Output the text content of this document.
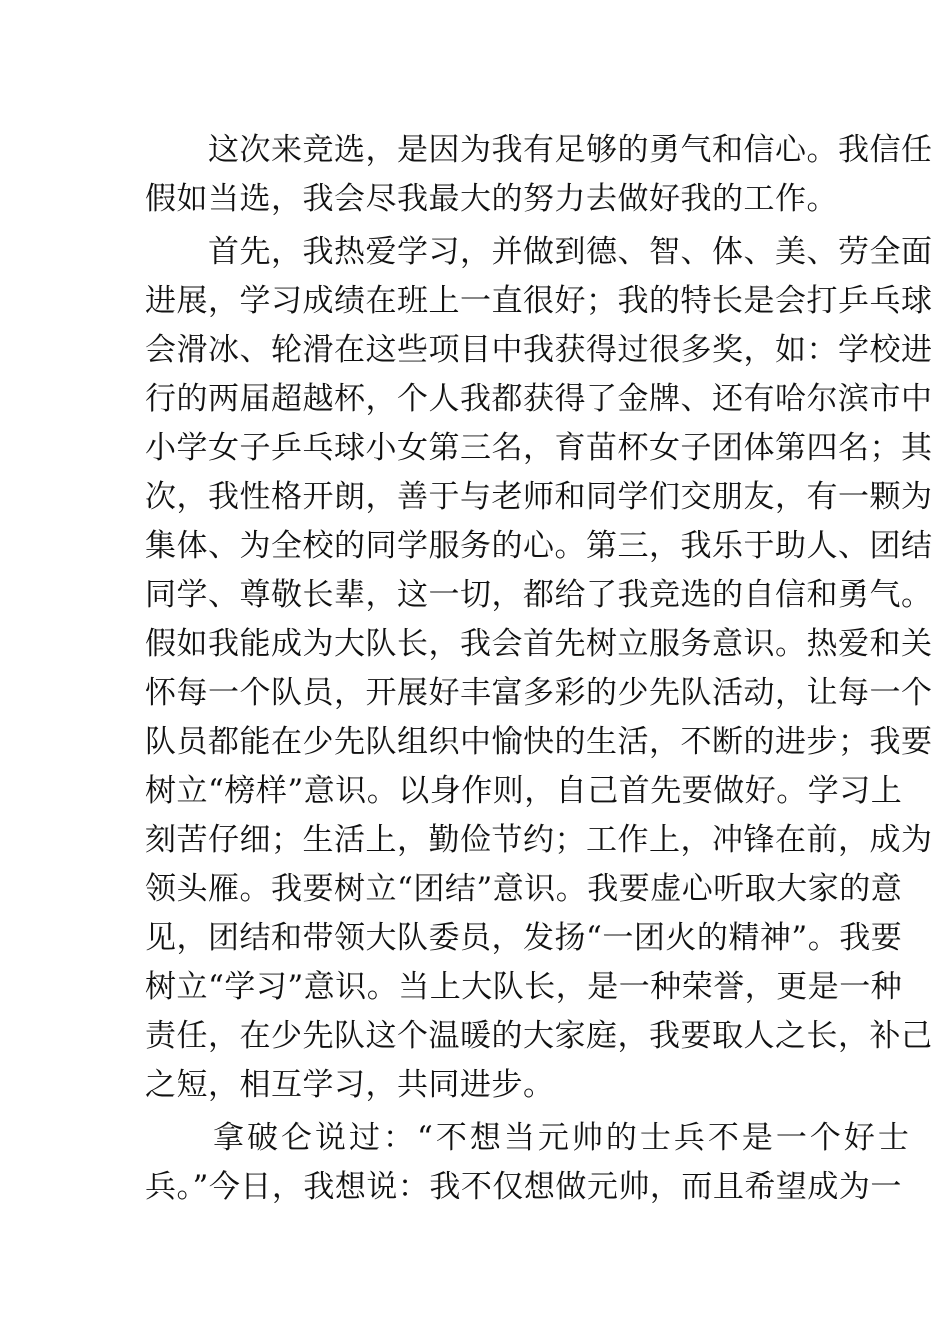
　　这次来竞选，是因为我有足够的勇气和信心。我信任
假如当选，我会尽我最大的努力去做好我的工作。
　　首先，我热爱学习，并做到德、智、体、美、劳全面
进展，学习成绩在班上一直很好；我的特长是会打乒乓球
会滑冰、轮滑在这些项目中我获得过很多奖，如：学校进
行的两届超越杯，个人我都获得了金牌、还有哈尔滨市中
小学女子乒乓球小女第三名，育苗杯女子团体第四名；其
次，我性格开朗，善于与老师和同学们交朋友，有一颗为
集体、为全校的同学服务的心。第三，我乐于助人、团结
同学、尊敬长辈，这一切，都给了我竞选的自信和勇气。
假如我能成为大队长，我会首先树立服务意识。热爱和关
怀每一个队员，开展好丰富多彩的少先队活动，让每一个
队员都能在少先队组织中愉快的生活，不断的进步；我要
树立“榜样”意识。以身作则，自己首先要做好。学习上
刻苦仔细；生活上，勤俭节约；工作上，冲锋在前，成为
领头雁。我要树立“团结”意识。我要虚心听取大家的意
见，团结和带领大队委员，发扬“一团火的精神”。我要
树立“学习”意识。当上大队长，是一种荣誉，更是一种
责任，在少先队这个温暖的大家庭，我要取人之长，补己
之短，相互学习，共同进步。
　　拿破仑说过：“不想当元帅的士兵不是一个好士
兵。”今日，我想说：我不仅想做元帅，而且希望成为一
